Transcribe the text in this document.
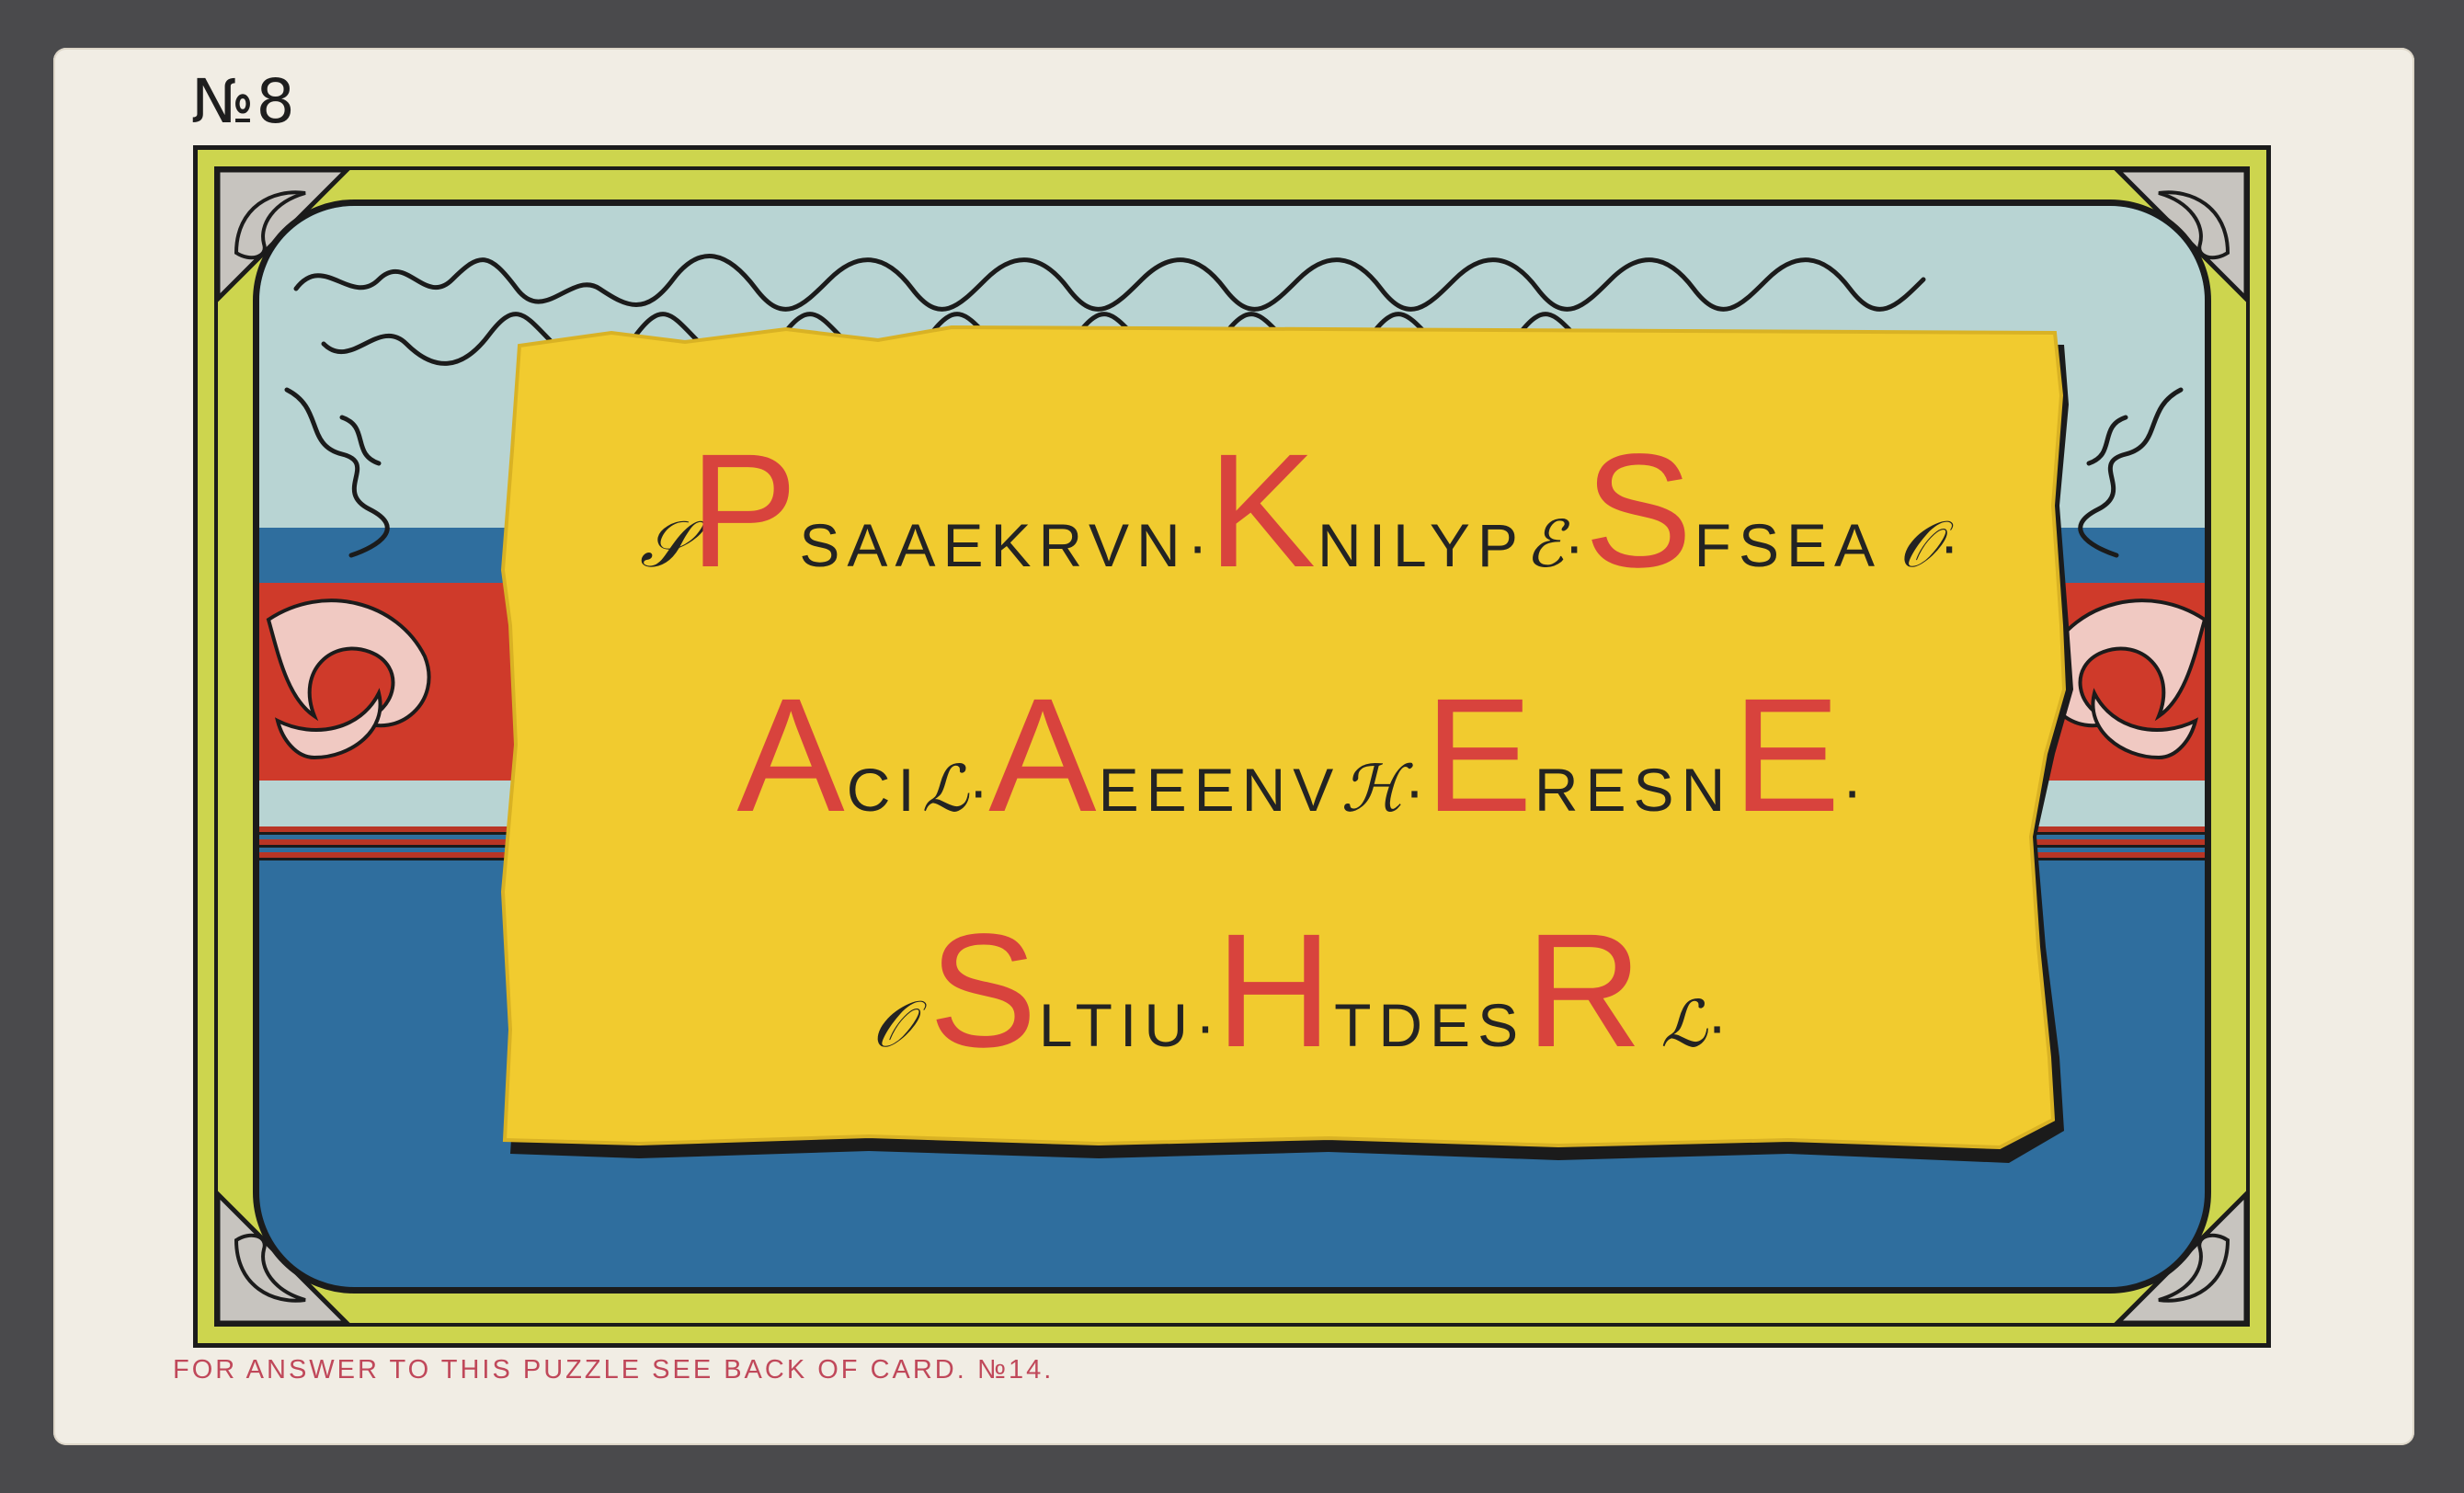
№8
FOR ANSWER TO THIS PUZZLE SEE BACK OF CARD. №14.
𝒮PSAAEKRVN·KNILYPℰ·SFSEA 𝒪·
ACIℒ·AEEENVℋ·ERESNE·
𝒪 SLTIU·HTDESR ℒ·
